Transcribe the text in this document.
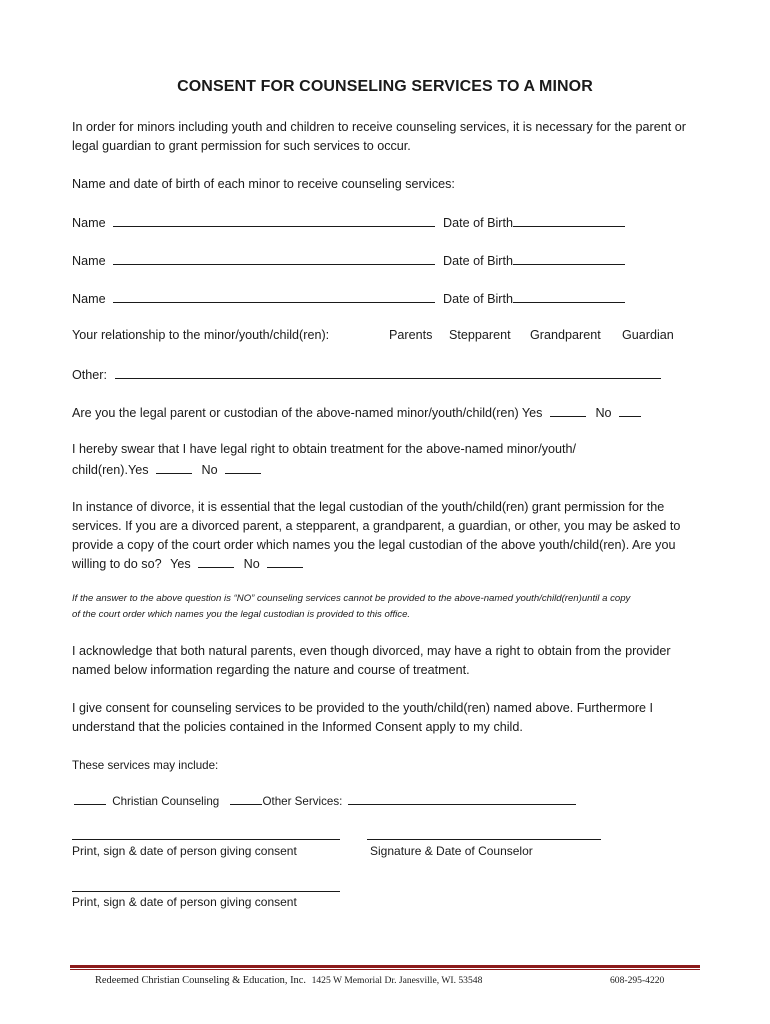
CONSENT FOR COUNSELING SERVICES TO A MINOR
In order for minors including youth and children to receive counseling services, it is necessary for the parent or legal guardian to grant permission for such services to occur.
Name and date of birth of each minor to receive counseling services:
Name	Date of Birth
Name	Date of Birth
Name	Date of Birth
Your relationship to the minor/youth/child(ren):	Parents Stepparent Grandparent Guardian
Other:
Are you the legal parent or custodian of the above-named minor/youth/child(ren) Yes	No
I hereby swear that I have legal right to obtain treatment for the above-named minor/youth/
child(ren).Yes	No
In instance of divorce, it is essential that the legal custodian of the youth/child(ren) grant permission for the services. If you are a divorced parent, a stepparent, a grandparent, a guardian, or other, you may be asked to provide a copy of the court order which names you the legal custodian of the above youth/child(ren). Are you willing to do so? Yes	No
If the answer to the above question is “NO” counseling services cannot be provided to the above-named youth/child(ren)until a copy of the court order which names you the legal custodian is provided to this office.
I acknowledge that both natural parents, even though divorced, may have a right to obtain from the provider named below information regarding the nature and course of treatment.
I give consent for counseling services to be provided to the youth/child(ren) named above. Furthermore I understand that the policies contained in the Informed Consent apply to my child.
These services may include:
Christian Counseling	Other Services:
Print, sign & date of person giving consent	Signature & Date of Counselor
Print, sign & date of person giving consent
Redeemed Christian Counseling & Education, Inc. 1425 W Memorial Dr. Janesville, WI. 53548	608-295-4220
